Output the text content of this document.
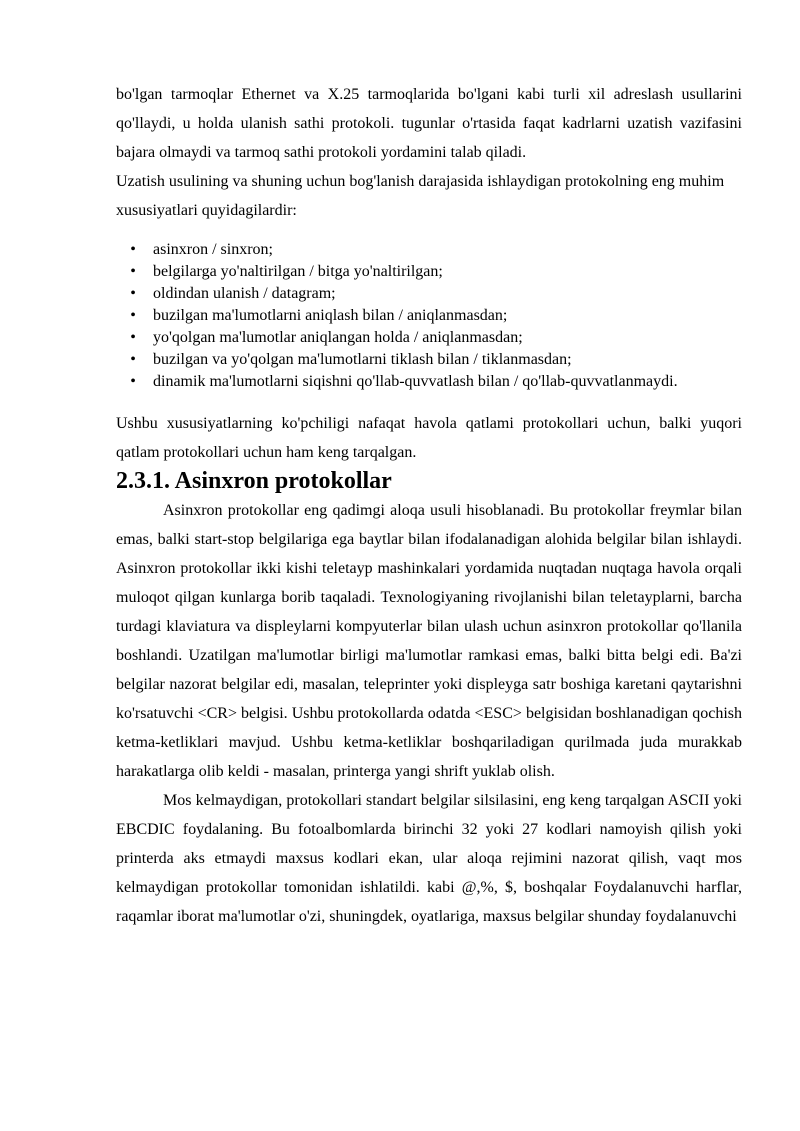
bo'lgan tarmoqlar Ethernet va X.25 tarmoqlarida bo'lgani kabi turli xil adreslash usullarini qo'llaydi, u holda ulanish sathi protokoli. tugunlar o'rtasida faqat kadrlarni uzatish vazifasini bajara olmaydi va tarmoq sathi protokoli yordamini talab qiladi.

Uzatish usulining va shuning uchun bog'lanish darajasida ishlaydigan protokolning eng muhim xususiyatlari quyidagilardir:

• asinxron / sinxron;
• belgilarga yo'naltirilgan / bitga yo'naltirilgan;
• oldindan ulanish / datagram;
• buzilgan ma'lumotlarni aniqlash bilan / aniqlanmasdan;
• yo'qolgan ma'lumotlar aniqlangan holda / aniqlanmasdan;
• buzilgan va yo'qolgan ma'lumotlarni tiklash bilan / tiklanmasdan;
• dinamik ma'lumotlarni siqishni qo'llab-quvvatlash bilan / qo'llab-quvvatlanmaydi.

Ushbu xususiyatlarning ko'pchiligi nafaqat havola qatlami protokollari uchun, balki yuqori qatlam protokollari uchun ham keng tarqalgan.

2.3.1. Asinxron protokollar

Asinxron protokollar eng qadimgi aloqa usuli hisoblanadi. Bu protokollar freymlar bilan emas, balki start-stop belgilariga ega baytlar bilan ifodalanadigan alohida belgilar bilan ishlaydi. Asinxron protokollar ikki kishi teletayp mashinkalari yordamida nuqtadan nuqtaga havola orqali muloqot qilgan kunlarga borib taqaladi. Texnologiyaning rivojlanishi bilan teletayplarni, barcha turdagi klaviatura va displeylarni kompyuterlar bilan ulash uchun asinxron protokollar qo'llanila boshlandi. Uzatilgan ma'lumotlar birligi ma'lumotlar ramkasi emas, balki bitta belgi edi. Ba'zi belgilar nazorat belgilar edi, masalan, teleprinter yoki displeyga satr boshiga karetani qaytarishni ko'rsatuvchi <CR> belgisi. Ushbu protokollarda odatda <ESC> belgisidan boshlanadigan qochish ketma-ketliklari mavjud. Ushbu ketma-ketliklar boshqariladigan qurilmada juda murakkab harakatlarga olib keldi - masalan, printerga yangi shrift yuklab olish.

Mos kelmaydigan, protokollari standart belgilar silsilasini, eng keng tarqalgan ASCII yoki EBCDIC foydalaning. Bu fotoalbomlarda birinchi 32 yoki 27 kodlari namoyish qilish yoki printerda aks etmaydi maxsus kodlari ekan, ular aloqa rejimini nazorat qilish, vaqt mos kelmaydigan protokollar tomonidan ishlatildi. kabi @,%, $, boshqalar Foydalanuvchi harflar, raqamlar iborat ma'lumotlar o'zi, shuningdek, oyatlariga, maxsus belgilar shunday foydalanuvchi
